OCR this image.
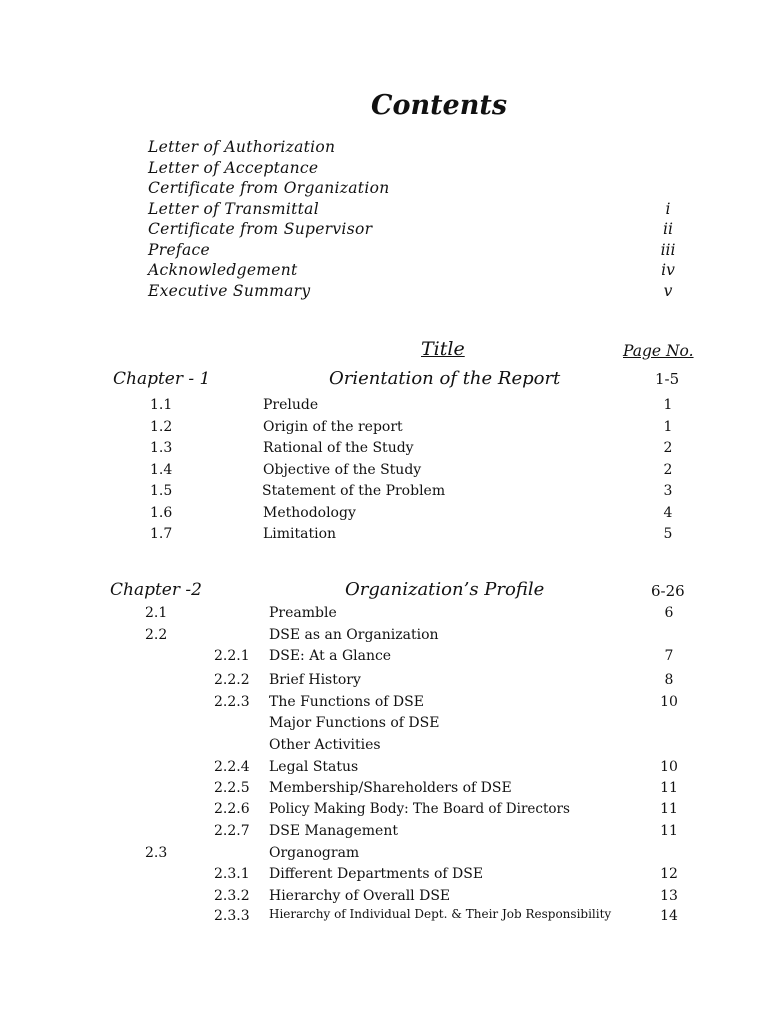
Contents
Letter of Authorization
Letter of Acceptance
Certificate from Organization
Letter of Transmittal	i
Certificate from Supervisor	ii
Preface	iii
Acknowledgement	iv
Executive Summary	v
Title	Page No.
Chapter - 1	Orientation of the Report	1-5
1.1	Prelude	1
1.2	Origin of the report	1
1.3	Rational of the Study	2
1.4	Objective of the Study	2
1.5	Statement of the Problem	3
1.6	Methodology	4
1.7	Limitation	5
Chapter -2	Organization’s Profile	6-26
2.1	Preamble	6
2.2	DSE as an Organization
2.2.1 DSE: At a Glance	7
2.2.2 Brief History	8
2.2.3 The Functions of DSE	10
Major Functions of DSE
Other Activities
2.2.4 Legal Status	10
2.2.5 Membership/Shareholders of DSE	11
2.2.6 Policy Making Body: The Board of Directors	11
2.2.7 DSE Management	11
2.3	Organogram
2.3.1 Different Departments of DSE	12
2.3.2 Hierarchy of Overall DSE	13
2.3.3 Hierarchy of Individual Dept. & Their Job Responsibility	14
